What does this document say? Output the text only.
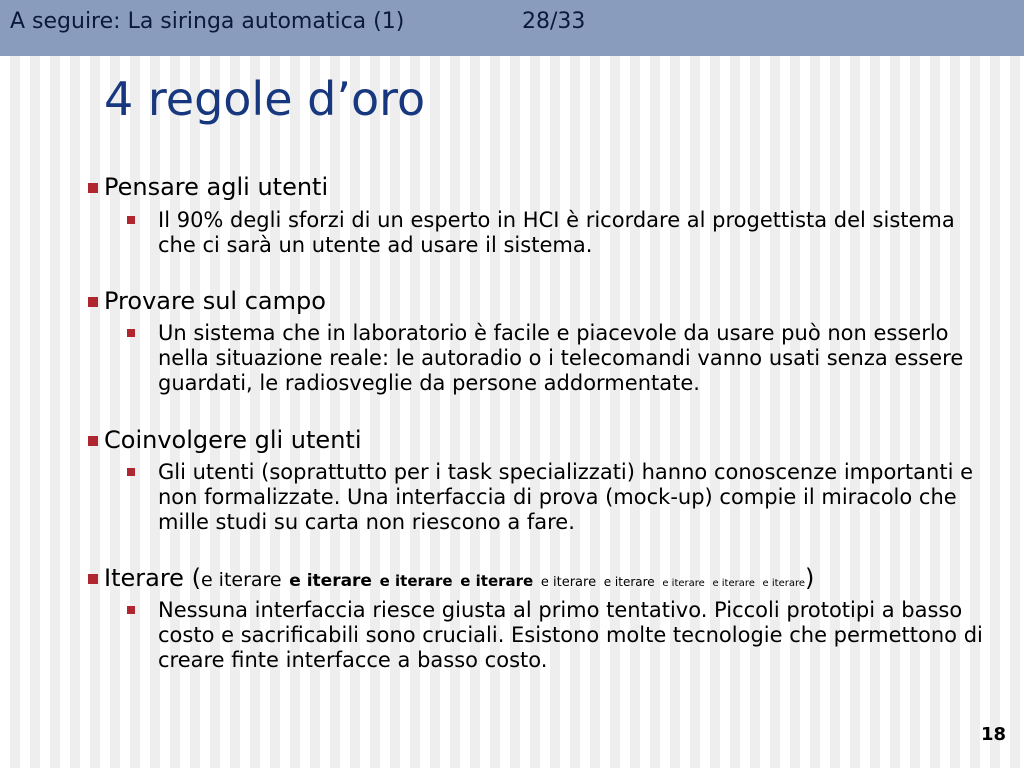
A seguire: La siringa automatica (1)	28/33
4 regole d’oro
Pensare agli utenti
Il 90% degli sforzi di un esperto in HCI è ricordare al progettista del sistema che ci sarà un utente ad usare il sistema.
Provare sul campo
Un sistema che in laboratorio è facile e piacevole da usare può non esserlo nella situazione reale: le autoradio o i telecomandi vanno usati senza essere guardati, le radiosveglie da persone addormentate.
Coinvolgere gli utenti
Gli utenti (soprattutto per i task specializzati) hanno conoscenze importanti e non formalizzate. Una interfaccia di prova (mock-up) compie il miracolo che mille studi su carta non riescono a fare.
Iterare (e iterare e iterare e iterare e iterare e iterare e iterare e iterare e iterare e iterare)
Nessuna interfaccia riesce giusta al primo tentativo. Piccoli prototipi a basso costo e sacrificabili sono cruciali. Esistono molte tecnologie che permettono di creare finte interfacce a basso costo.
18
